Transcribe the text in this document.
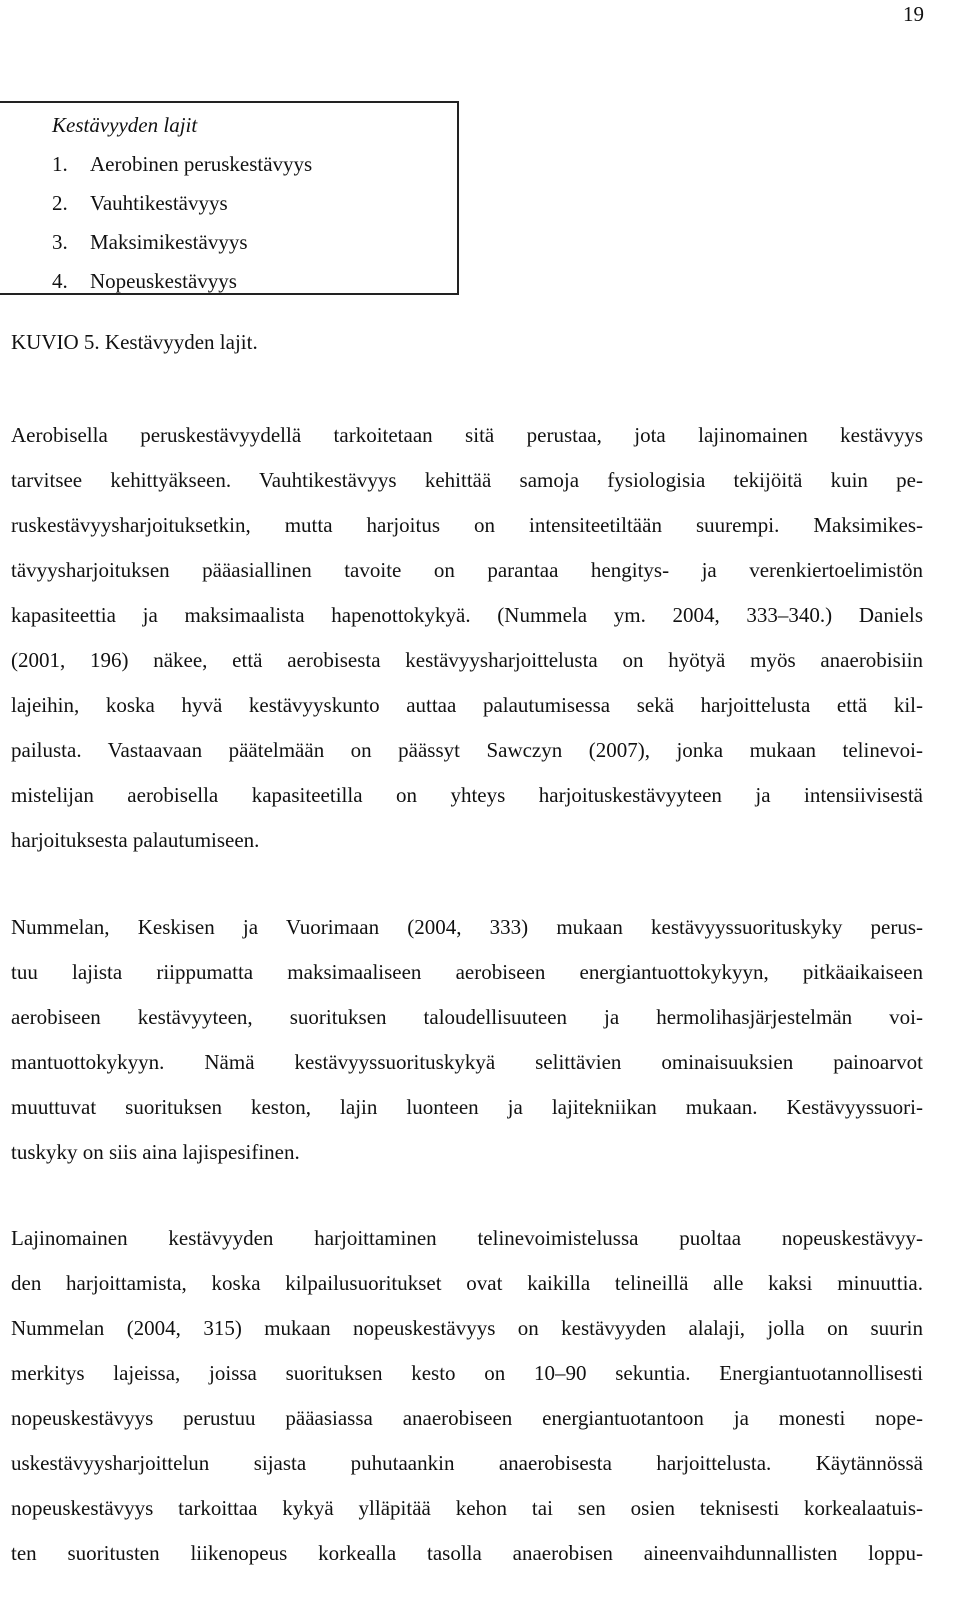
19
Kestävyyden lajit
1. Aerobinen peruskestävyys
2. Vauhtikestävyys
3. Maksimikestävyys
4. Nopeuskestävyys
KUVIO 5. Kestävyyden lajit.
Aerobisella peruskestävyydellä tarkoitetaan sitä perustaa, jota lajinomainen kestävyys
tarvitsee kehittyäkseen. Vauhtikestävyys kehittää samoja fysiologisia tekijöitä kuin pe-
ruskestävyysharjoituksetkin, mutta harjoitus on intensiteetiltään suurempi. Maksimikes-
tävyysharjoituksen pääasiallinen tavoite on parantaa hengitys- ja verenkiertoelimistön
kapasiteettia ja maksimaalista hapenottokykyä. (Nummela ym. 2004, 333–340.) Daniels
(2001, 196) näkee, että aerobisesta kestävyysharjoittelusta on hyötyä myös anaerobisiin
lajeihin, koska hyvä kestävyyskunto auttaa palautumisessa sekä harjoittelusta että kil-
pailusta. Vastaavaan päätelmään on päässyt Sawczyn (2007), jonka mukaan telinevoi-
mistelijan aerobisella kapasiteetilla on yhteys harjoituskestävyyteen ja intensiivisestä
harjoituksesta palautumiseen.
Nummelan, Keskisen ja Vuorimaan (2004, 333) mukaan kestävyyssuorituskyky perus-
tuu lajista riippumatta maksimaaliseen aerobiseen energiantuottokykyyn, pitkäaikaiseen
aerobiseen kestävyyteen, suorituksen taloudellisuuteen ja hermolihasjärjestelmän voi-
mantuottokykyyn. Nämä kestävyyssuorituskykyä selittävien ominaisuuksien painoarvot
muuttuvat suorituksen keston, lajin luonteen ja lajitekniikan mukaan. Kestävyyssuori-
tuskyky on siis aina lajispesifinen.
Lajinomainen kestävyyden harjoittaminen telinevoimistelussa puoltaa nopeuskestävyy-
den harjoittamista, koska kilpailusuoritukset ovat kaikilla telineillä alle kaksi minuuttia.
Nummelan (2004, 315) mukaan nopeuskestävyys on kestävyyden alalaji, jolla on suurin
merkitys lajeissa, joissa suorituksen kesto on 10–90 sekuntia. Energiantuotannollisesti
nopeuskestävyys perustuu pääasiassa anaerobiseen energiantuotantoon ja monesti nope-
uskestävyysharjoittelun sijasta puhutaankin anaerobisesta harjoittelusta. Käytännössä
nopeuskestävyys tarkoittaa kykyä ylläpitää kehon tai sen osien teknisesti korkealaatuis-
ten suoritusten liikenopeus korkealla tasolla anaerobisen aineenvaihdunnallisten loppu-
